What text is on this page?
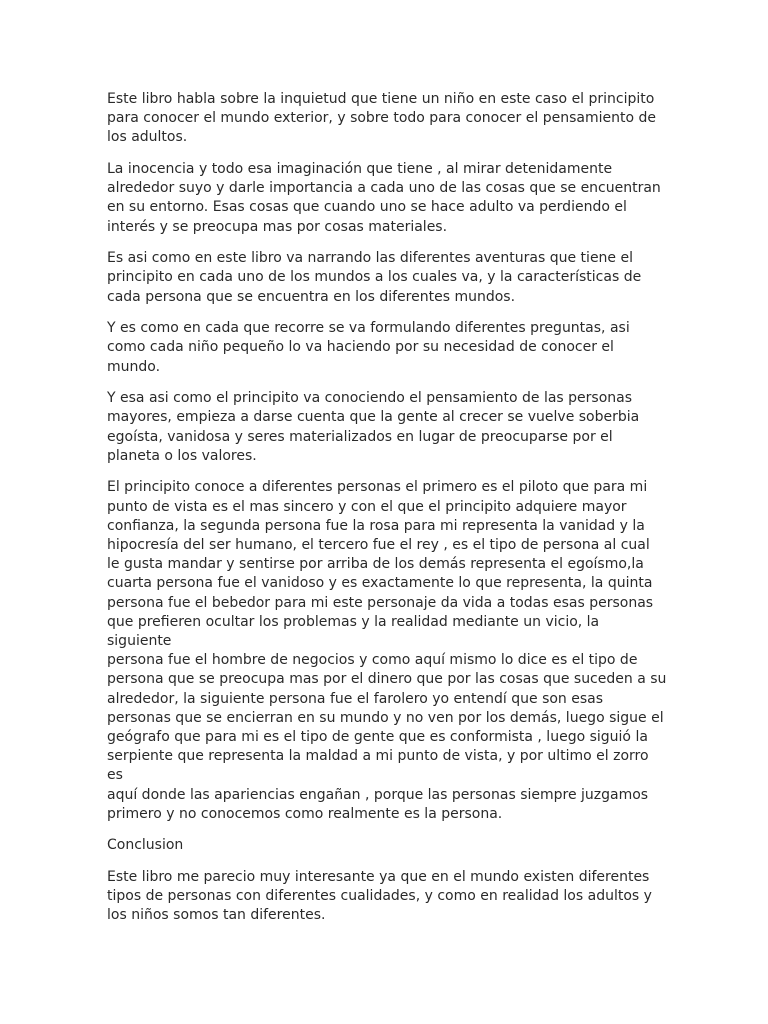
Este libro habla sobre la inquietud que tiene un niño en este caso el principito
para conocer el mundo exterior, y sobre todo para conocer el pensamiento de
los adultos.

La inocencia y todo esa imaginación que tiene , al mirar detenidamente
alrededor suyo y darle importancia a cada uno de las cosas que se encuentran
en su entorno. Esas cosas que cuando uno se hace adulto va perdiendo el
interés y se preocupa mas por cosas materiales.

Es asi como en este libro va narrando las diferentes aventuras que tiene el
principito en cada uno de los mundos a los cuales va, y la características de
cada persona que se encuentra en los diferentes mundos.

Y es como en cada que recorre se va formulando diferentes preguntas, asi
como cada niño pequeño lo va haciendo por su necesidad de conocer el
mundo.

Y esa asi como el principito va conociendo el pensamiento de las personas
mayores, empieza a darse cuenta que la gente al crecer se vuelve soberbia
egoísta, vanidosa y seres materializados en lugar de preocuparse por el
planeta o los valores.

El principito conoce a diferentes personas el primero es el piloto que para mi
punto de vista es el mas sincero y con el que el principito adquiere mayor
confianza, la segunda persona fue la rosa para mi representa la vanidad y la
hipocresía del ser humano, el tercero fue el rey , es el tipo de persona al cual
le gusta mandar y sentirse por arriba de los demás representa el egoísmo,la
cuarta persona fue el vanidoso y es exactamente lo que representa, la quinta
persona fue el bebedor para mi este personaje da vida a todas esas personas
que prefieren ocultar los problemas y la realidad mediante un vicio, la siguiente
persona fue el hombre de negocios y como aquí mismo lo dice es el tipo de
persona que se preocupa mas por el dinero que por las cosas que suceden a su
alrededor, la siguiente persona fue el farolero yo entendí que son esas
personas que se encierran en su mundo y no ven por los demás, luego sigue el
geógrafo que para mi es el tipo de gente que es conformista , luego siguió la
serpiente que representa la maldad a mi punto de vista, y por ultimo el zorro es
aquí donde las apariencias engañan , porque las personas siempre juzgamos
primero y no conocemos como realmente es la persona.

Conclusion

Este libro me parecio muy interesante ya que en el mundo existen diferentes
tipos de personas con diferentes cualidades, y como en realidad los adultos y
los niños somos tan diferentes.
